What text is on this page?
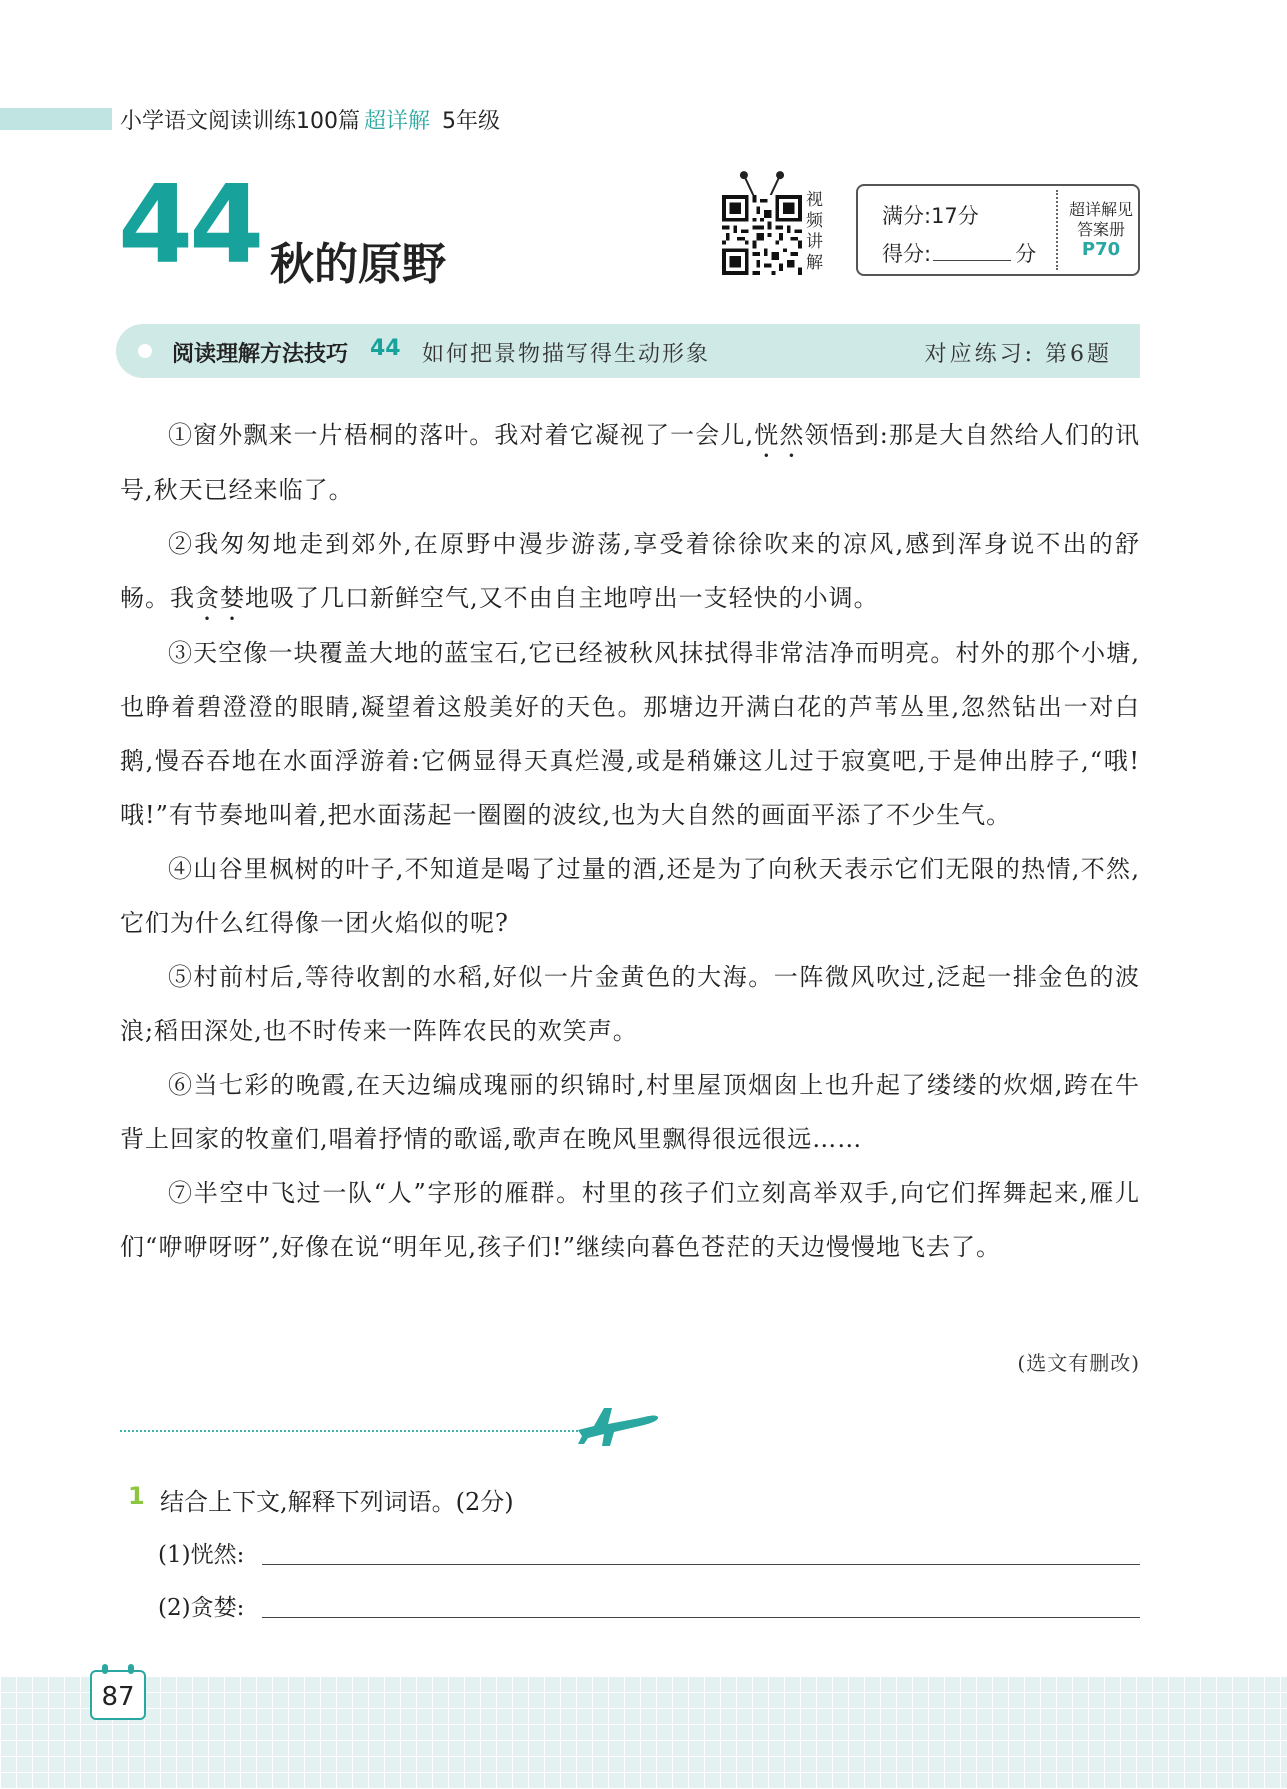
小学语文阅读训练100篇 超详解 5年级
44 秋的原野
视
频
讲
解
满分:17分
得分:	分
超详解见
答案册
P70
阅读理解方法技巧 44 如何把景物描写得生动形象	对应练习: 第6题

①窗外飘来一片梧桐的落叶。我对着它凝视了一会儿,恍然领悟到:那是大自然给人们的讯号,秋天已经来临了。

②我匆匆地走到郊外,在原野中漫步游荡,享受着徐徐吹来的凉风,感到浑身说不出的舒畅。我贪婪地吸了几口新鲜空气,又不由自主地哼出一支轻快的小调。

③天空像一块覆盖大地的蓝宝石,它已经被秋风抹拭得非常洁净而明亮。村外的那个小塘,也睁着碧澄澄的眼睛,凝望着这般美好的天色。那塘边开满白花的芦苇丛里,忽然钻出一对白鹅,慢吞吞地在水面浮游着:它俩显得天真烂漫,或是稍嫌这儿过于寂寞吧,于是伸出脖子,“哦!哦!”有节奏地叫着,把水面荡起一圈圈的波纹,也为大自然的画面平添了不少生气。

④山谷里枫树的叶子,不知道是喝了过量的酒,还是为了向秋天表示它们无限的热情,不然,它们为什么红得像一团火焰似的呢?

⑤村前村后,等待收割的水稻,好似一片金黄色的大海。一阵微风吹过,泛起一排金色的波浪;稻田深处,也不时传来一阵阵农民的欢笑声。

⑥当七彩的晚霞,在天边编成瑰丽的织锦时,村里屋顶烟囱上也升起了缕缕的炊烟,跨在牛背上回家的牧童们,唱着抒情的歌谣,歌声在晚风里飘得很远很远……

⑦半空中飞过一队“人”字形的雁群。村里的孩子们立刻高举双手,向它们挥舞起来,雁儿们“咿咿呀呀”,好像在说“明年见,孩子们!”继续向暮色苍茫的天边慢慢地飞去了。

(选文有删改)
1 结合上下文,解释下列词语。(2分)
(1)恍然:
(2)贪婪:
87
